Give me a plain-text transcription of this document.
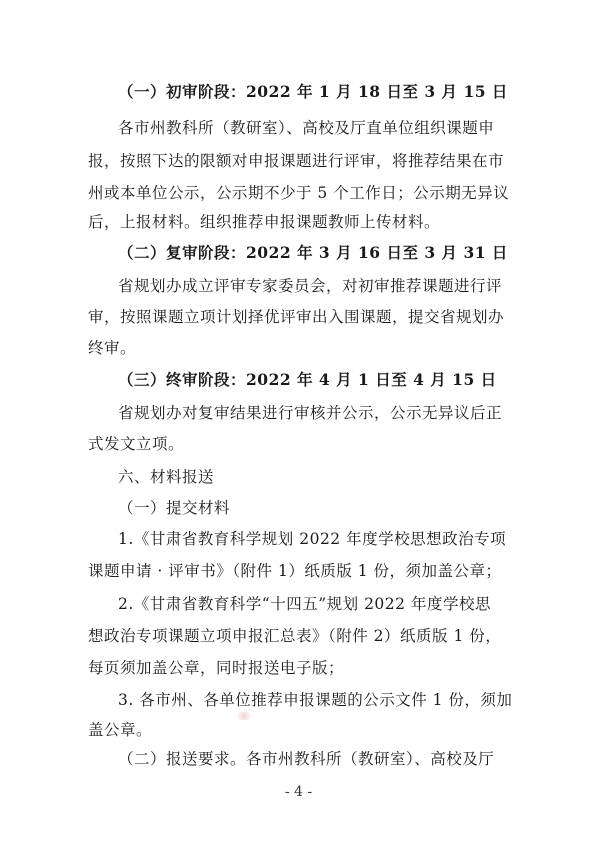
（一）初审阶段：2022 年 1 月 18 日至 3 月 15 日
各市州教科所（教研室）、高校及厅直单位组织课题申
报，按照下达的限额对申报课题进行评审，将推荐结果在市
州或本单位公示，公示期不少于 5 个工作日；公示期无异议
后，上报材料。组织推荐申报课题教师上传材料。
（二）复审阶段：2022 年 3 月 16 日至 3 月 31 日
省规划办成立评审专家委员会，对初审推荐课题进行评
审，按照课题立项计划择优评审出入围课题，提交省规划办
终审。
（三）终审阶段：2022 年 4 月 1 日至 4 月 15 日
省规划办对复审结果进行审核并公示，公示无异议后正
式发文立项。
六、材料报送
（一）提交材料
1.《甘肃省教育科学规划 2022 年度学校思想政治专项
课题申请 · 评审书》（附件 1）纸质版 1 份，须加盖公章；
2.《甘肃省教育科学“十四五”规划 2022 年度学校思
想政治专项课题立项申报汇总表》（附件 2）纸质版 1 份，
每页须加盖公章，同时报送电子版；
3. 各市州、各单位推荐申报课题的公示文件 1 份，须加
盖公章。
（二）报送要求。各市州教科所（教研室）、高校及厅
- 4 -
